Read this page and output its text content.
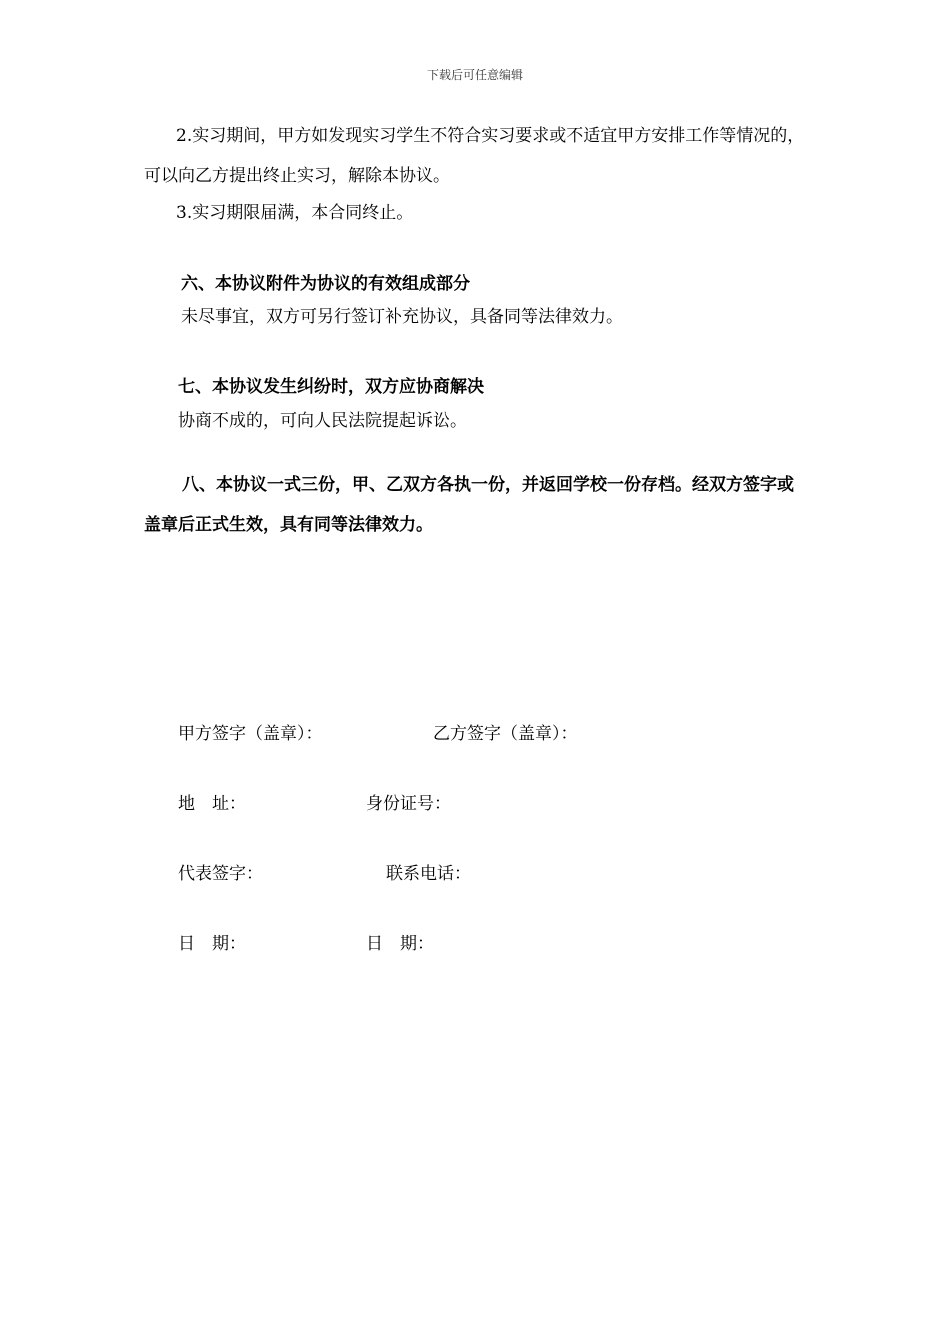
下载后可任意编辑
2.实习期间，甲方如发现实习学生不符合实习要求或不适宜甲方安排工作等情况的，可以向乙方提出终止实习，解除本协议。
3.实习期限届满，本合同终止。
六、本协议附件为协议的有效组成部分
未尽事宜，双方可另行签订补充协议，具备同等法律效力。
七、本协议发生纠纷时，双方应协商解决
协商不成的，可向人民法院提起诉讼。
八、本协议一式三份，甲、乙双方各执一份，并返回学校一份存档。经双方签字或盖章后正式生效，具有同等法律效力。
甲方签字（盖章）：	乙方签字（盖章）：
地　址：	身份证号：
代表签字：	联系电话：
日　期：	日　期：
